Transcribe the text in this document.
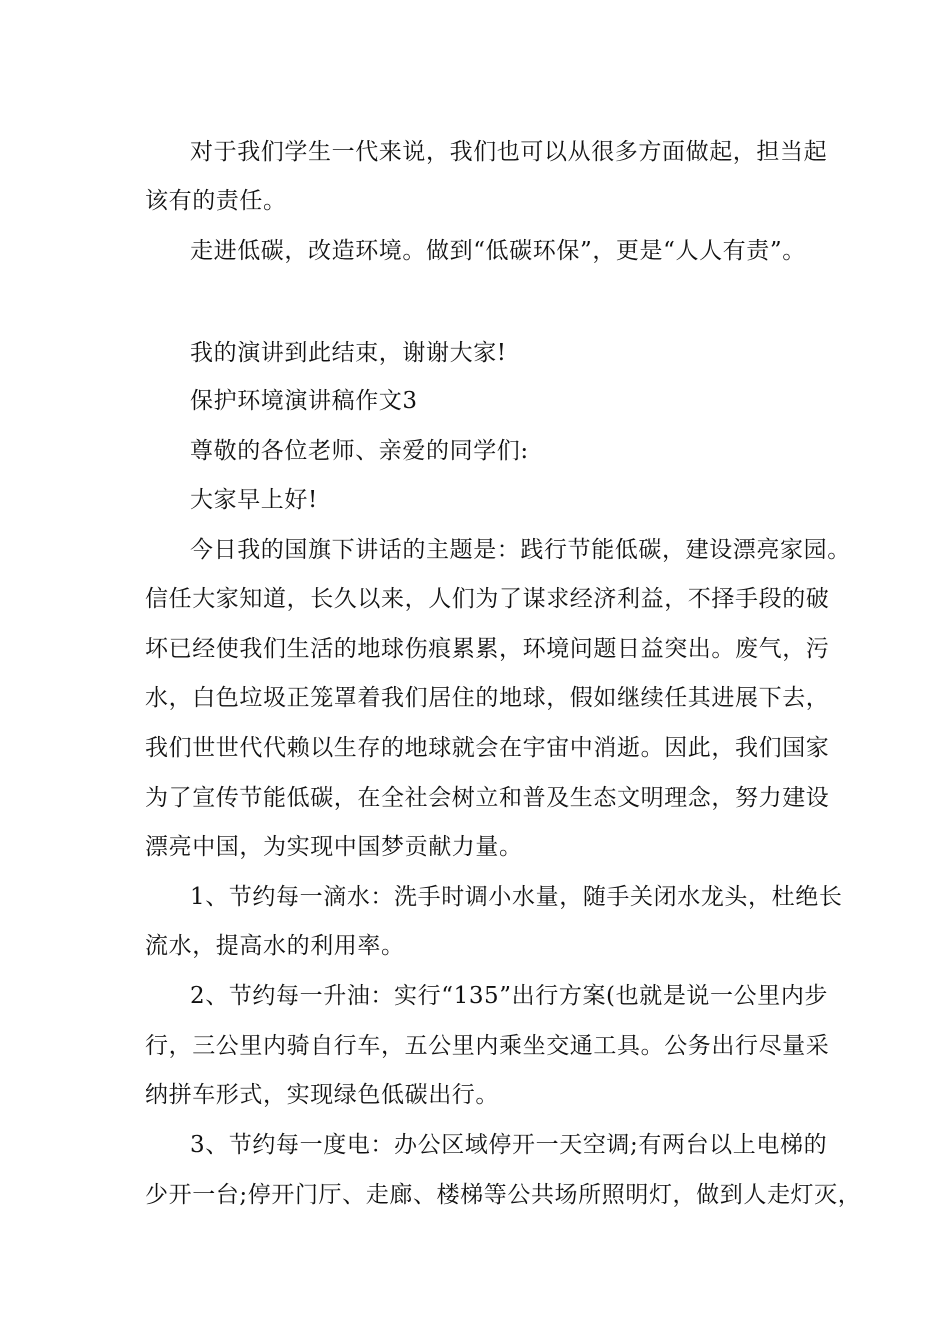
对于我们学生一代来说，我们也可以从很多方面做起，担当起
该有的责任。
走进低碳，改造环境。做到“低碳环保”，更是“人人有责”。
我的演讲到此结束，谢谢大家!
保护环境演讲稿作文3
尊敬的各位老师、亲爱的同学们:
大家早上好!
今日我的国旗下讲话的主题是：践行节能低碳，建设漂亮家园。
信任大家知道，长久以来，人们为了谋求经济利益，不择手段的破
坏已经使我们生活的地球伤痕累累，环境问题日益突出。废气，污
水，白色垃圾正笼罩着我们居住的地球，假如继续任其进展下去，
我们世世代代赖以生存的地球就会在宇宙中消逝。因此，我们国家
为了宣传节能低碳，在全社会树立和普及生态文明理念，努力建设
漂亮中国，为实现中国梦贡献力量。
1、节约每一滴水：洗手时调小水量，随手关闭水龙头，杜绝长
流水，提高水的利用率。
2、节约每一升油：实行“135”出行方案(也就是说一公里内步
行，三公里内骑自行车，五公里内乘坐交通工具。公务出行尽量采
纳拼车形式，实现绿色低碳出行。
3、节约每一度电：办公区域停开一天空调;有两台以上电梯的
少开一台;停开门厅、走廊、楼梯等公共场所照明灯，做到人走灯灭，
